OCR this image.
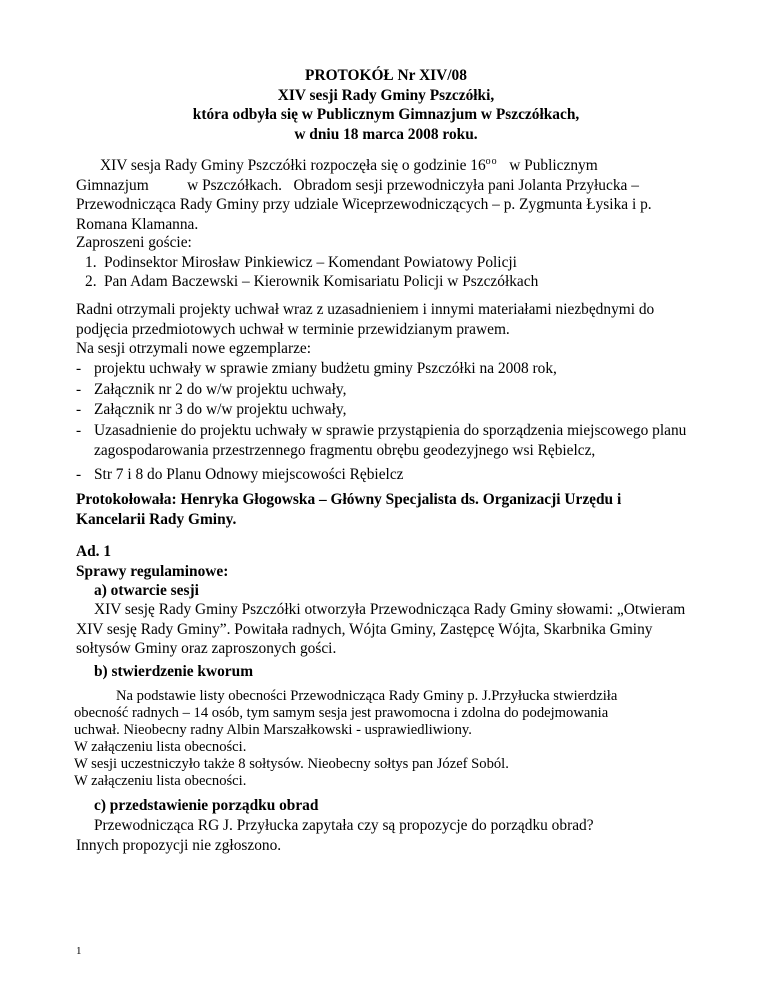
PROTOKÓŁ Nr XIV/08
XIV sesji Rady Gminy Pszczółki,
która odbyła się w Publicznym Gimnazjum w Pszczółkach,
w dniu 18 marca 2008 roku.
XIV sesja Rady Gminy Pszczółki rozpoczęła się o godzinie $16^{oo}$   w Publicznym
Gimnazjum          w Pszczółkach.   Obradom sesji przewodniczyła pani Jolanta Przyłucka –
Przewodnicząca Rady Gminy przy udziale Wiceprzewodniczących – p. Zygmunta Łysika i p.
Romana Klamanna.
Zaproszeni goście:
1. Podinsektor Mirosław Pinkiewicz – Komendant Powiatowy Policji
2. Pan Adam Baczewski – Kierownik Komisariatu Policji w Pszczółkach
Radni otrzymali projekty uchwał wraz z uzasadnieniem i innymi materiałami niezbędnymi do
podjęcia przedmiotowych uchwał w terminie przewidzianym prawem.
Na sesji otrzymali nowe egzemplarze:
- projektu uchwały w sprawie zmiany budżetu gminy Pszczółki na 2008 rok,
- Załącznik nr 2 do w/w projektu uchwały,
- Załącznik nr 3 do w/w projektu uchwały,
- Uzasadnienie do projektu uchwały w sprawie przystąpienia do sporządzenia miejscowego planu
zagospodarowania przestrzennego fragmentu obrębu geodezyjnego wsi Rębielcz,
- Str 7 i 8 do Planu Odnowy miejscowości Rębielcz
Protokołowała: Henryka Głogowska – Główny Specjalista ds. Organizacji Urzędu i
Kancelarii Rady Gminy.
Ad. 1
Sprawy regulaminowe:
a) otwarcie sesji
XIV sesję Rady Gminy Pszczółki otworzyła Przewodnicząca Rady Gminy słowami: „Otwieram
XIV sesję Rady Gminy”. Powitała radnych, Wójta Gminy, Zastępcę Wójta, Skarbnika Gminy
sołtysów Gminy oraz zaproszonych gości.
b) stwierdzenie kworum
Na podstawie listy obecności Przewodnicząca Rady Gminy p. J.Przyłucka stwierdziła
obecność radnych – 14 osób, tym samym sesja jest prawomocna i zdolna do podejmowania
uchwał. Nieobecny radny Albin Marszałkowski - usprawiedliwiony.
W załączeniu lista obecności.
W sesji uczestniczyło także 8 sołtysów. Nieobecny sołtys pan Józef Soból.
W załączeniu lista obecności.
c) przedstawienie porządku obrad
Przewodnicząca RG J. Przyłucka zapytała czy są propozycje do porządku obrad?
Innych propozycji nie zgłoszono.
1
